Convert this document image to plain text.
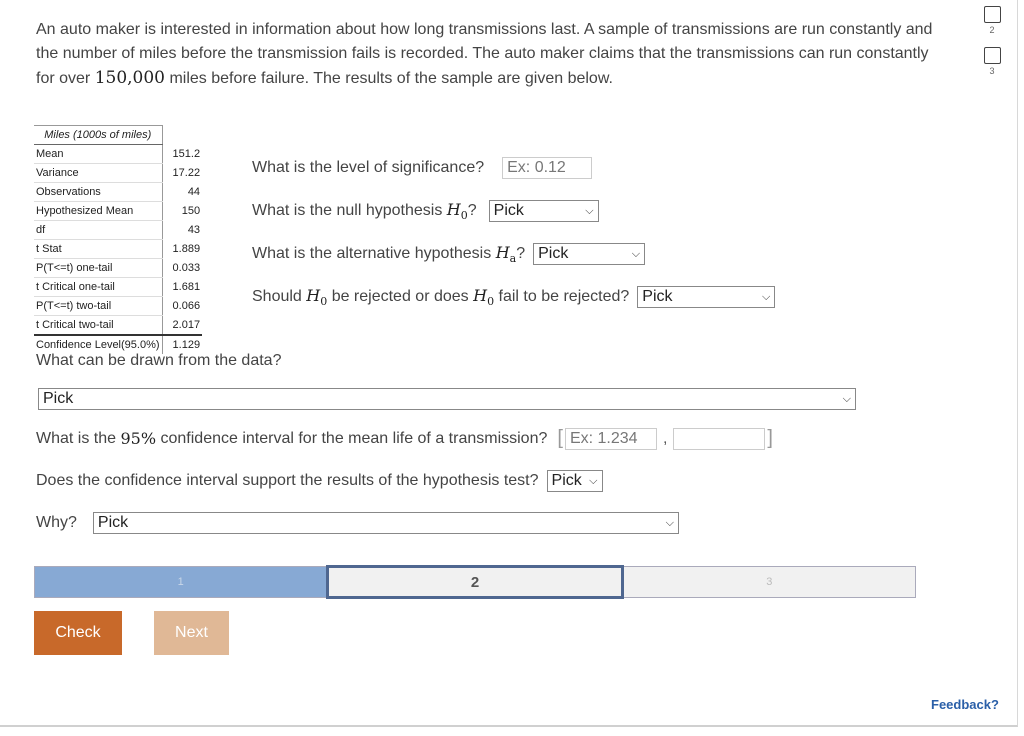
An auto maker is interested in information about how long transmissions last. A sample of transmissions are run constantly and the number of miles before the transmission fails is recorded. The auto maker claims that the transmissions can run constantly for over 150,000 miles before failure. The results of the sample are given below.
2
3
Miles (1000s of miles)	
Mean	151.2
Variance	17.22
Observations	44
Hypothesized Mean	150
df	43
t Stat	1.889
P(T<=t) one-tail	0.033
t Critical one-tail	1.681
P(T<=t) two-tail	0.066
t Critical two-tail	2.017
Confidence Level(95.0%)	1.129
What is the level of significance?	Ex: 0.12
What is the null hypothesis
$H_0$ ? Pick	⌵
What is the alternative hypothesis
$H_a$ ? Pick	⌵
Should
$H_0$
be rejected or does
$H_0$
fail to be rejected? Pick	⌵
What can be drawn from the data?
Pick	⌵
What is the
95%
confidence interval for the mean life of a transmission? [ Ex: 1.234	,	]
Does the confidence interval support the results of the hypothesis test? Pick ⌵
Why? Pick	⌵
1	2	3
Check	Next
Feedback?
